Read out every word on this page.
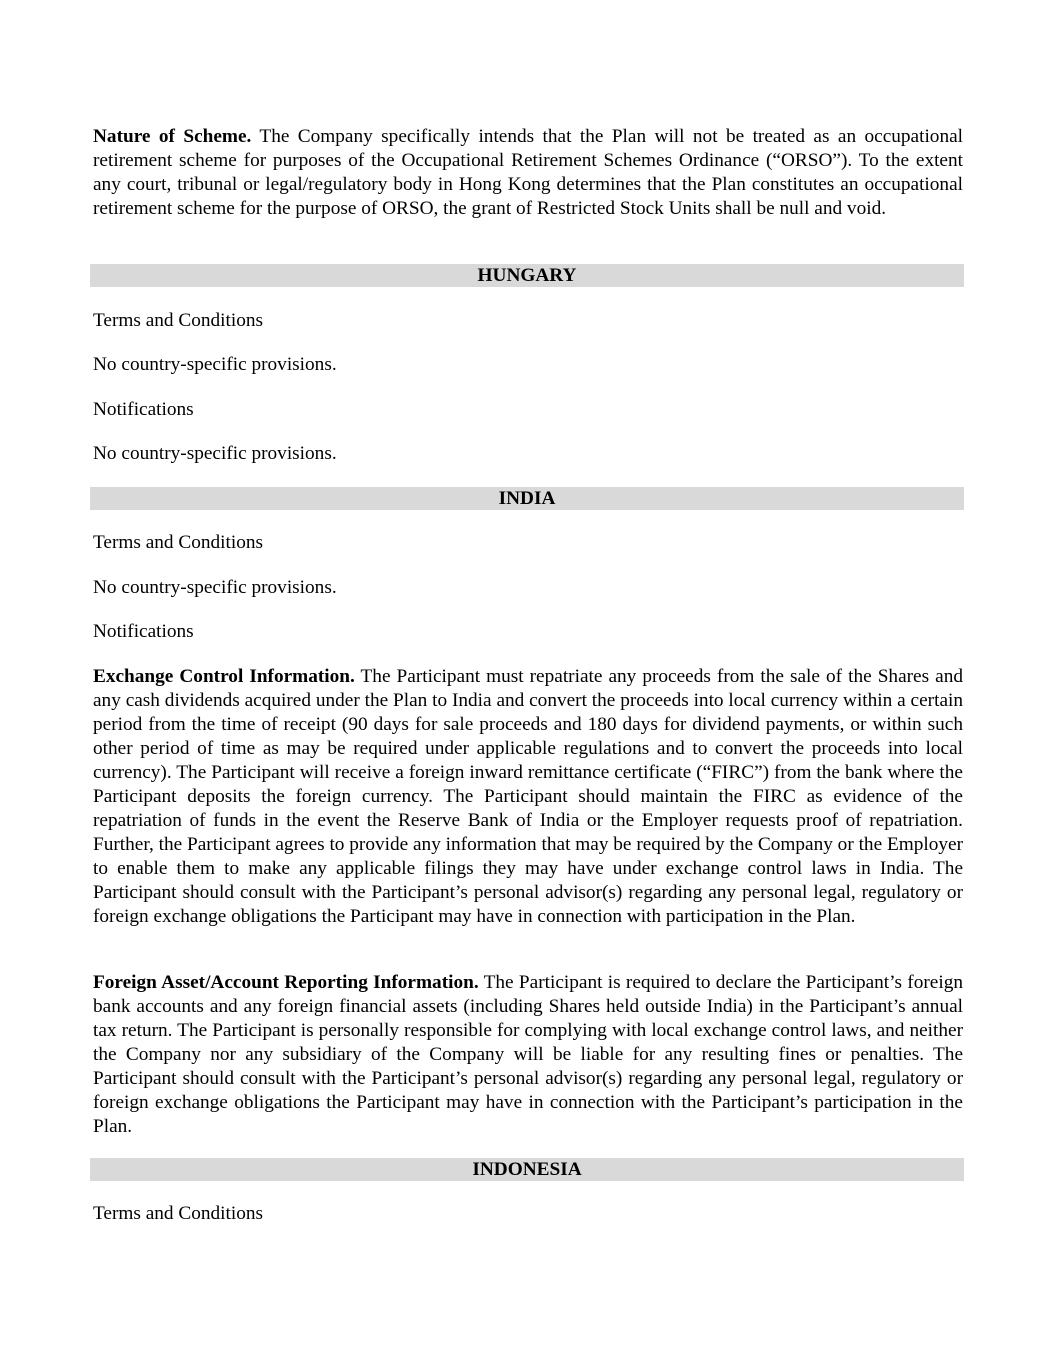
Nature of Scheme. The Company specifically intends that the Plan will not be treated as an occupational retirement scheme for purposes of the Occupational Retirement Schemes Ordinance (“ORSO”). To the extent any court, tribunal or legal/regulatory body in Hong Kong determines that the Plan constitutes an occupational retirement scheme for the purpose of ORSO, the grant of Restricted Stock Units shall be null and void.

HUNGARY

Terms and Conditions

No country-specific provisions.

Notifications

No country-specific provisions.

INDIA

Terms and Conditions

No country-specific provisions.

Notifications

Exchange Control Information. The Participant must repatriate any proceeds from the sale of the Shares and any cash dividends acquired under the Plan to India and convert the proceeds into local currency within a certain period from the time of receipt (90 days for sale proceeds and 180 days for dividend payments, or within such other period of time as may be required under applicable regulations and to convert the proceeds into local currency). The Participant will receive a foreign inward remittance certificate (“FIRC”) from the bank where the Participant deposits the foreign currency. The Participant should maintain the FIRC as evidence of the repatriation of funds in the event the Reserve Bank of India or the Employer requests proof of repatriation. Further, the Participant agrees to provide any information that may be required by the Company or the Employer to enable them to make any applicable filings they may have under exchange control laws in India. The Participant should consult with the Participant’s personal advisor(s) regarding any personal legal, regulatory or foreign exchange obligations the Participant may have in connection with participation in the Plan.

Foreign Asset/Account Reporting Information. The Participant is required to declare the Participant’s foreign bank accounts and any foreign financial assets (including Shares held outside India) in the Participant’s annual tax return. The Participant is personally responsible for complying with local exchange control laws, and neither the Company nor any subsidiary of the Company will be liable for any resulting fines or penalties. The Participant should consult with the Participant’s personal advisor(s) regarding any personal legal, regulatory or foreign exchange obligations the Participant may have in connection with the Participant’s participation in the Plan.

INDONESIA

Terms and Conditions
